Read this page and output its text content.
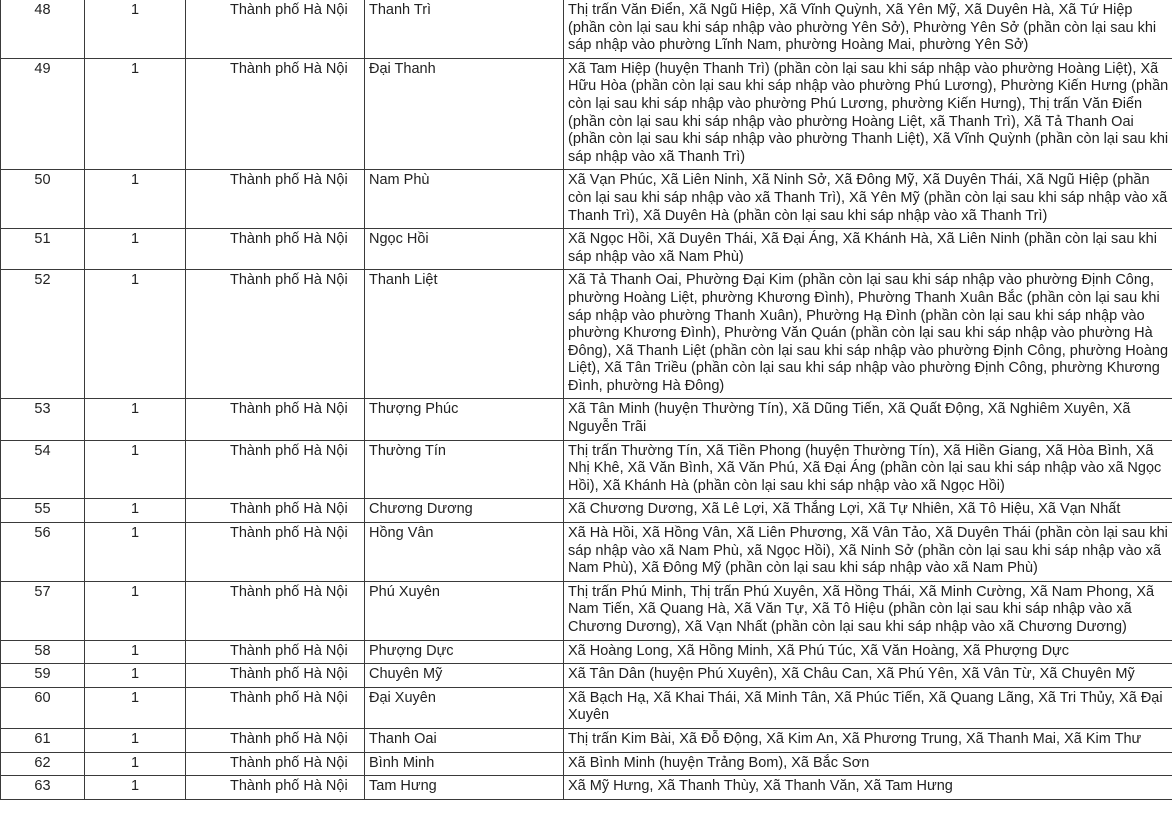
48	1	Thành phố Hà Nội	Thanh Trì	Thị trấn Văn Điển, Xã Ngũ Hiệp, Xã Vĩnh Quỳnh, Xã Yên Mỹ, Xã Duyên Hà, Xã Tứ Hiệp (phần còn lại sau khi sáp nhập vào phường Yên Sở), Phường Yên Sở (phần còn lại sau khi sáp nhập vào phường Lĩnh Nam, phường Hoàng Mai, phường Yên Sở)
49	1	Thành phố Hà Nội	Đại Thanh	Xã Tam Hiệp (huyện Thanh Trì) (phần còn lại sau khi sáp nhập vào phường Hoàng Liệt), Xã Hữu Hòa (phần còn lại sau khi sáp nhập vào phường Phú Lương), Phường Kiến Hưng (phần còn lại sau khi sáp nhập vào phường Phú Lương, phường Kiến Hưng), Thị trấn Văn Điển (phần còn lại sau khi sáp nhập vào phường Hoàng Liệt, xã Thanh Trì), Xã Tả Thanh Oai (phần còn lại sau khi sáp nhập vào phường Thanh Liệt), Xã Vĩnh Quỳnh (phần còn lại sau khi sáp nhập vào xã Thanh Trì)
50	1	Thành phố Hà Nội	Nam Phù	Xã Vạn Phúc, Xã Liên Ninh, Xã Ninh Sở, Xã Đông Mỹ, Xã Duyên Thái, Xã Ngũ Hiệp (phần còn lại sau khi sáp nhập vào xã Thanh Trì), Xã Yên Mỹ (phần còn lại sau khi sáp nhập vào xã Thanh Trì), Xã Duyên Hà (phần còn lại sau khi sáp nhập vào xã Thanh Trì)
51	1	Thành phố Hà Nội	Ngọc Hồi	Xã Ngọc Hồi, Xã Duyên Thái, Xã Đại Áng, Xã Khánh Hà, Xã Liên Ninh (phần còn lại sau khi sáp nhập vào xã Nam Phù)
52	1	Thành phố Hà Nội	Thanh Liệt	Xã Tả Thanh Oai, Phường Đại Kim (phần còn lại sau khi sáp nhập vào phường Định Công, phường Hoàng Liệt, phường Khương Đình), Phường Thanh Xuân Bắc (phần còn lại sau khi sáp nhập vào phường Thanh Xuân), Phường Hạ Đình (phần còn lại sau khi sáp nhập vào phường Khương Đình), Phường Văn Quán (phần còn lại sau khi sáp nhập vào phường Hà Đông), Xã Thanh Liệt (phần còn lại sau khi sáp nhập vào phường Định Công, phường Hoàng Liệt), Xã Tân Triều (phần còn lại sau khi sáp nhập vào phường Định Công, phường Khương Đình, phường Hà Đông)
53	1	Thành phố Hà Nội	Thượng Phúc	Xã Tân Minh (huyện Thường Tín), Xã Dũng Tiến, Xã Quất Động, Xã Nghiêm Xuyên, Xã Nguyễn Trãi
54	1	Thành phố Hà Nội	Thường Tín	Thị trấn Thường Tín, Xã Tiền Phong (huyện Thường Tín), Xã Hiền Giang, Xã Hòa Bình, Xã Nhị Khê, Xã Văn Bình, Xã Văn Phú, Xã Đại Áng (phần còn lại sau khi sáp nhập vào xã Ngọc Hồi), Xã Khánh Hà (phần còn lại sau khi sáp nhập vào xã Ngọc Hồi)
55	1	Thành phố Hà Nội	Chương Dương	Xã Chương Dương, Xã Lê Lợi, Xã Thắng Lợi, Xã Tự Nhiên, Xã Tô Hiệu, Xã Vạn Nhất
56	1	Thành phố Hà Nội	Hồng Vân	Xã Hà Hồi, Xã Hồng Vân, Xã Liên Phương, Xã Vân Tảo, Xã Duyên Thái (phần còn lại sau khi sáp nhập vào xã Nam Phù, xã Ngọc Hồi), Xã Ninh Sở (phần còn lại sau khi sáp nhập vào xã Nam Phù), Xã Đông Mỹ (phần còn lại sau khi sáp nhập vào xã Nam Phù)
57	1	Thành phố Hà Nội	Phú Xuyên	Thị trấn Phú Minh, Thị trấn Phú Xuyên, Xã Hồng Thái, Xã Minh Cường, Xã Nam Phong, Xã Nam Tiến, Xã Quang Hà, Xã Văn Tự, Xã Tô Hiệu (phần còn lại sau khi sáp nhập vào xã Chương Dương), Xã Vạn Nhất (phần còn lại sau khi sáp nhập vào xã Chương Dương)
58	1	Thành phố Hà Nội	Phượng Dực	Xã Hoàng Long, Xã Hồng Minh, Xã Phú Túc, Xã Văn Hoàng, Xã Phượng Dực
59	1	Thành phố Hà Nội	Chuyên Mỹ	Xã Tân Dân (huyện Phú Xuyên), Xã Châu Can, Xã Phú Yên, Xã Vân Từ, Xã Chuyên Mỹ
60	1	Thành phố Hà Nội	Đại Xuyên	Xã Bạch Hạ, Xã Khai Thái, Xã Minh Tân, Xã Phúc Tiến, Xã Quang Lãng, Xã Tri Thủy, Xã Đại Xuyên
61	1	Thành phố Hà Nội	Thanh Oai	Thị trấn Kim Bài, Xã Đỗ Động, Xã Kim An, Xã Phương Trung, Xã Thanh Mai, Xã Kim Thư
62	1	Thành phố Hà Nội	Bình Minh	Xã Bình Minh (huyện Trảng Bom), Xã Bắc Sơn
63	1	Thành phố Hà Nội	Tam Hưng	Xã Mỹ Hưng, Xã Thanh Thùy, Xã Thanh Văn, Xã Tam Hưng
